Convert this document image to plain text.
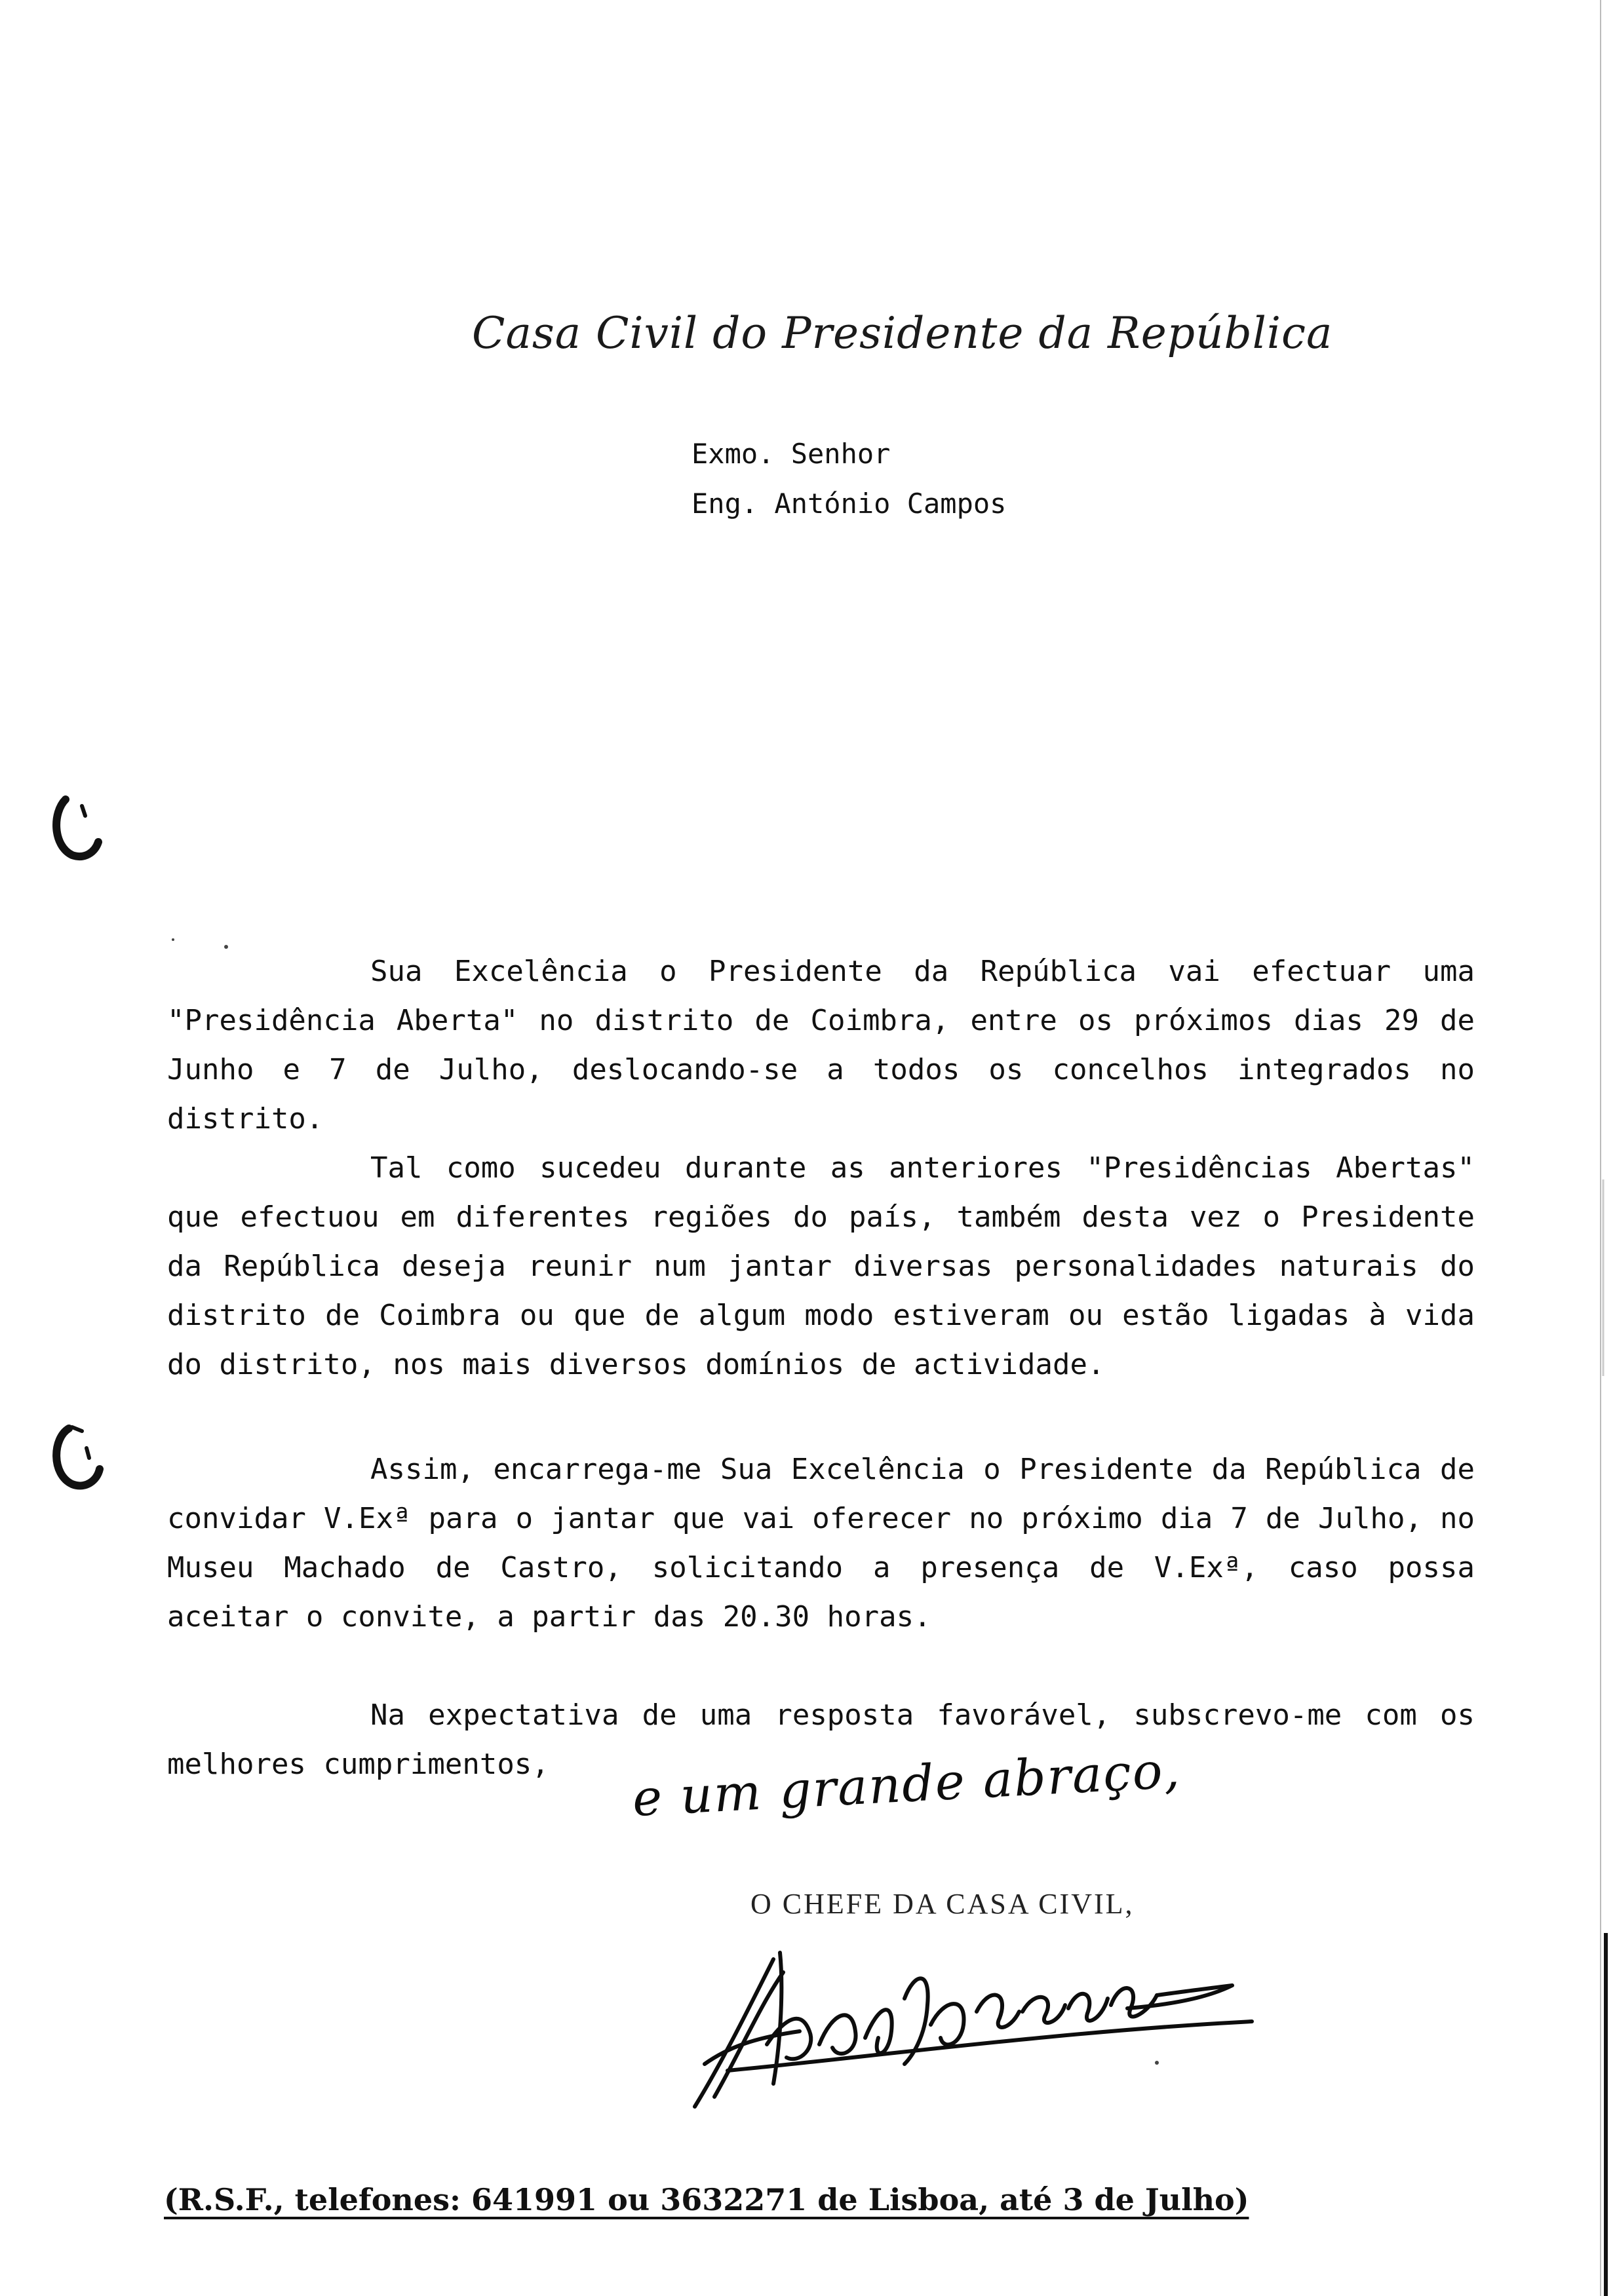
Casa Civil do Presidente da República
Exmo. Senhor
Eng. António Campos

Sua Excelência o Presidente da República vai efectuar uma "Presidência Aberta" no distrito de Coimbra, entre os próximos dias 29 de Junho e 7 de Julho, deslocando-se a todos os concelhos integrados no distrito.

Tal como sucedeu durante as anteriores "Presidências Abertas" que efectuou em diferentes regiões do país, também desta vez o Presidente da República deseja reunir num jantar diversas personalidades naturais do distrito de Coimbra ou que de algum modo estiveram ou estão ligadas à vida do distrito, nos mais diversos domínios de actividade.

Assim, encarrega-me Sua Excelência o Presidente da República de convidar V.Exª para o jantar que vai oferecer no próximo dia 7 de Julho, no Museu Machado de Castro, solicitando a presença de V.Exª, caso possa aceitar o convite, a partir das 20.30 horas.

Na expectativa de uma resposta favorável, subscrevo-me com os melhores cumprimentos,	e um grande abraço,
O CHEFE DA CASA CIVIL,
(R.S.F., telefones: 641991 ou 3632271 de Lisboa, até 3 de Julho)
